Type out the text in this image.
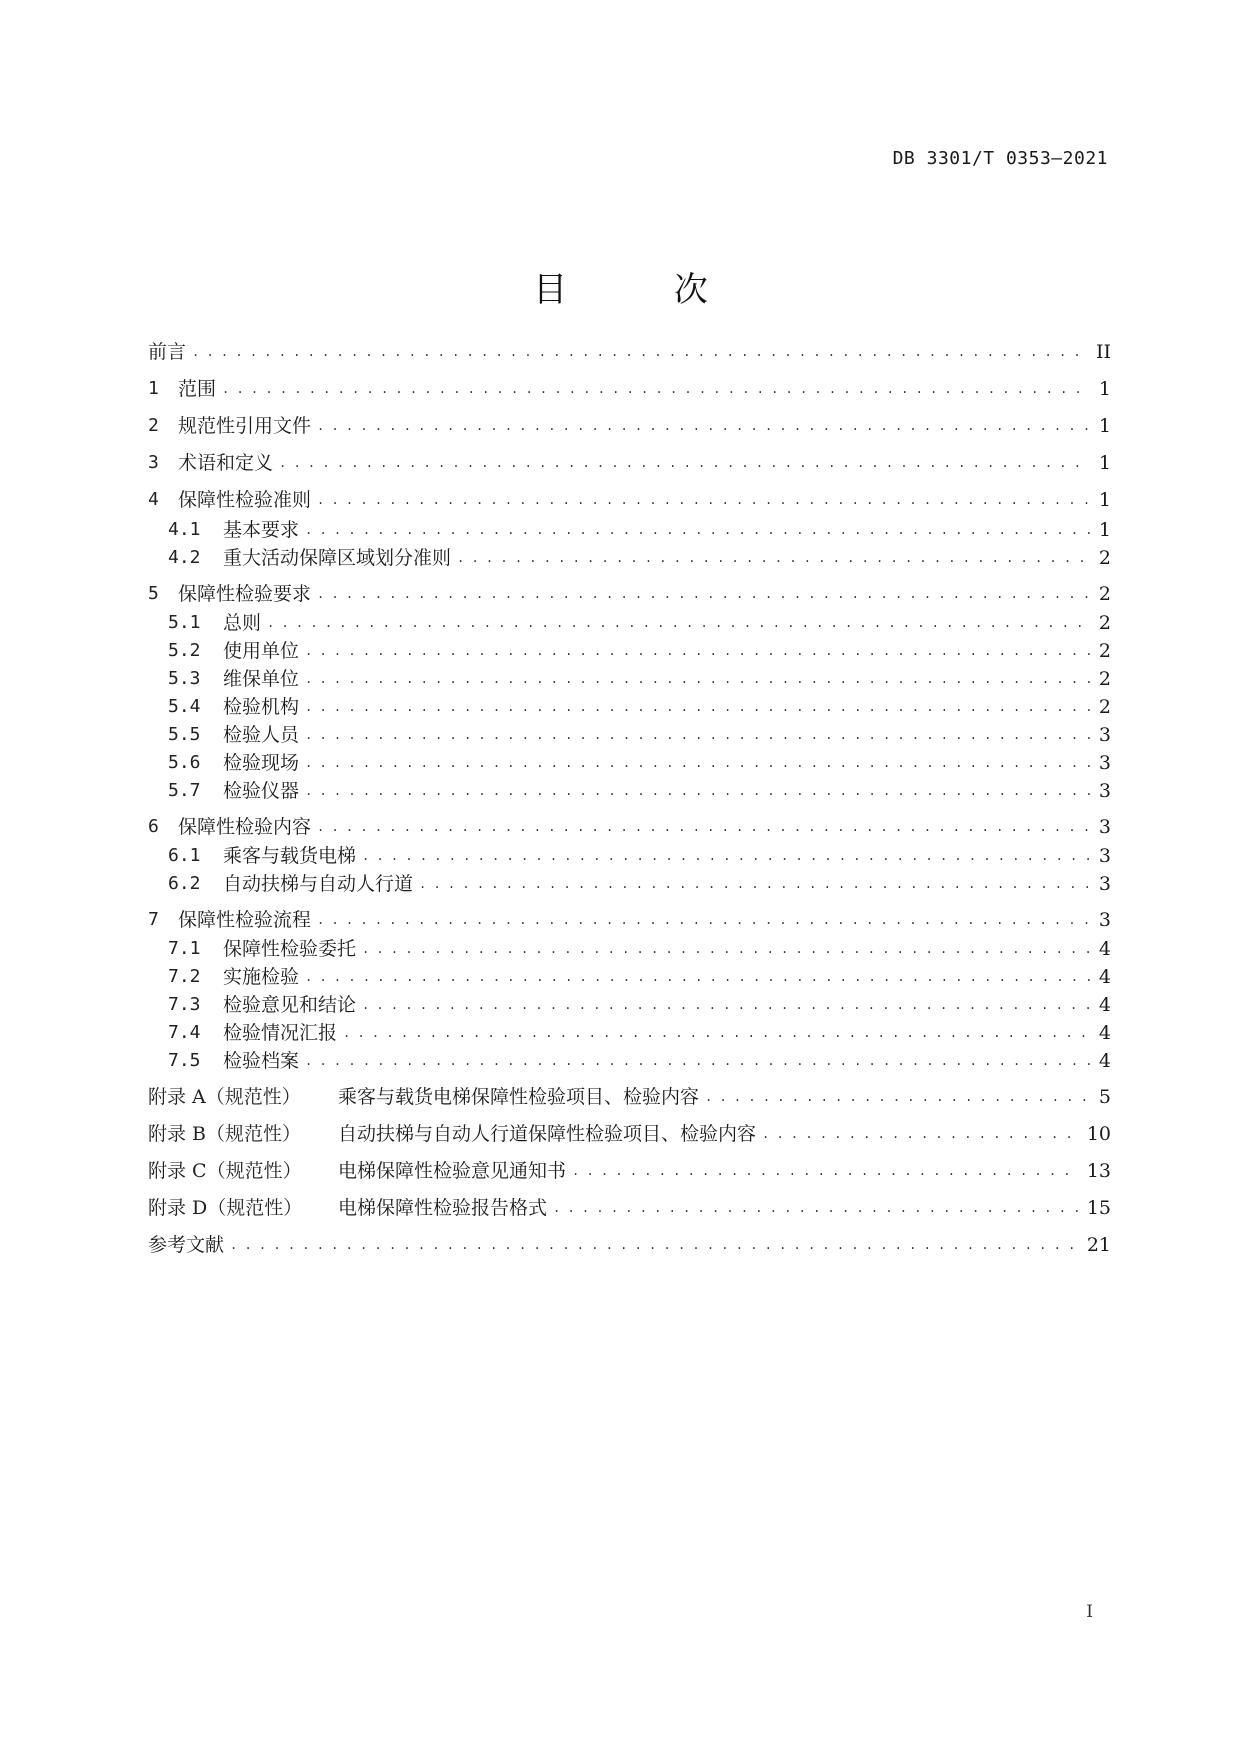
DB 3301/T 0353—2021
目 次
前言 . . .	II
1	范围 . . .	1
2	规范性引用文件 . . .	1
3	术语和定义 . . .	1
4	保障性检验准则 . . .	1
4.1	基本要求 . . .	1
4.2	重大活动保障区域划分准则 . . .	2
5	保障性检验要求 . . .	2
5.1	总则 . . .	2
5.2	使用单位 . . .	2
5.3	维保单位 . . .	2
5.4	检验机构 . . .	2
5.5	检验人员 . . .	3
5.6	检验现场 . . .	3
5.7	检验仪器 . . .	3
6	保障性检验内容 . . .	3
6.1	乘客与载货电梯 . . .	3
6.2	自动扶梯与自动人行道 . . .	3
7	保障性检验流程 . . .	3
7.1	保障性检验委托 . . .	4
7.2	实施检验 . . .	4
7.3	检验意见和结论 . . .	4
7.4	检验情况汇报 . . .	4
7.5	检验档案 . . .	4
附录 A（规范性）	乘客与载货电梯保障性检验项目、检验内容 . . .	5
附录 B（规范性）	自动扶梯与自动人行道保障性检验项目、检验内容 . . .	10
附录 C（规范性）	电梯保障性检验意见通知书 . . .	13
附录 D（规范性）	电梯保障性检验报告格式 . . .	15
参考文献 . . .	21
I
